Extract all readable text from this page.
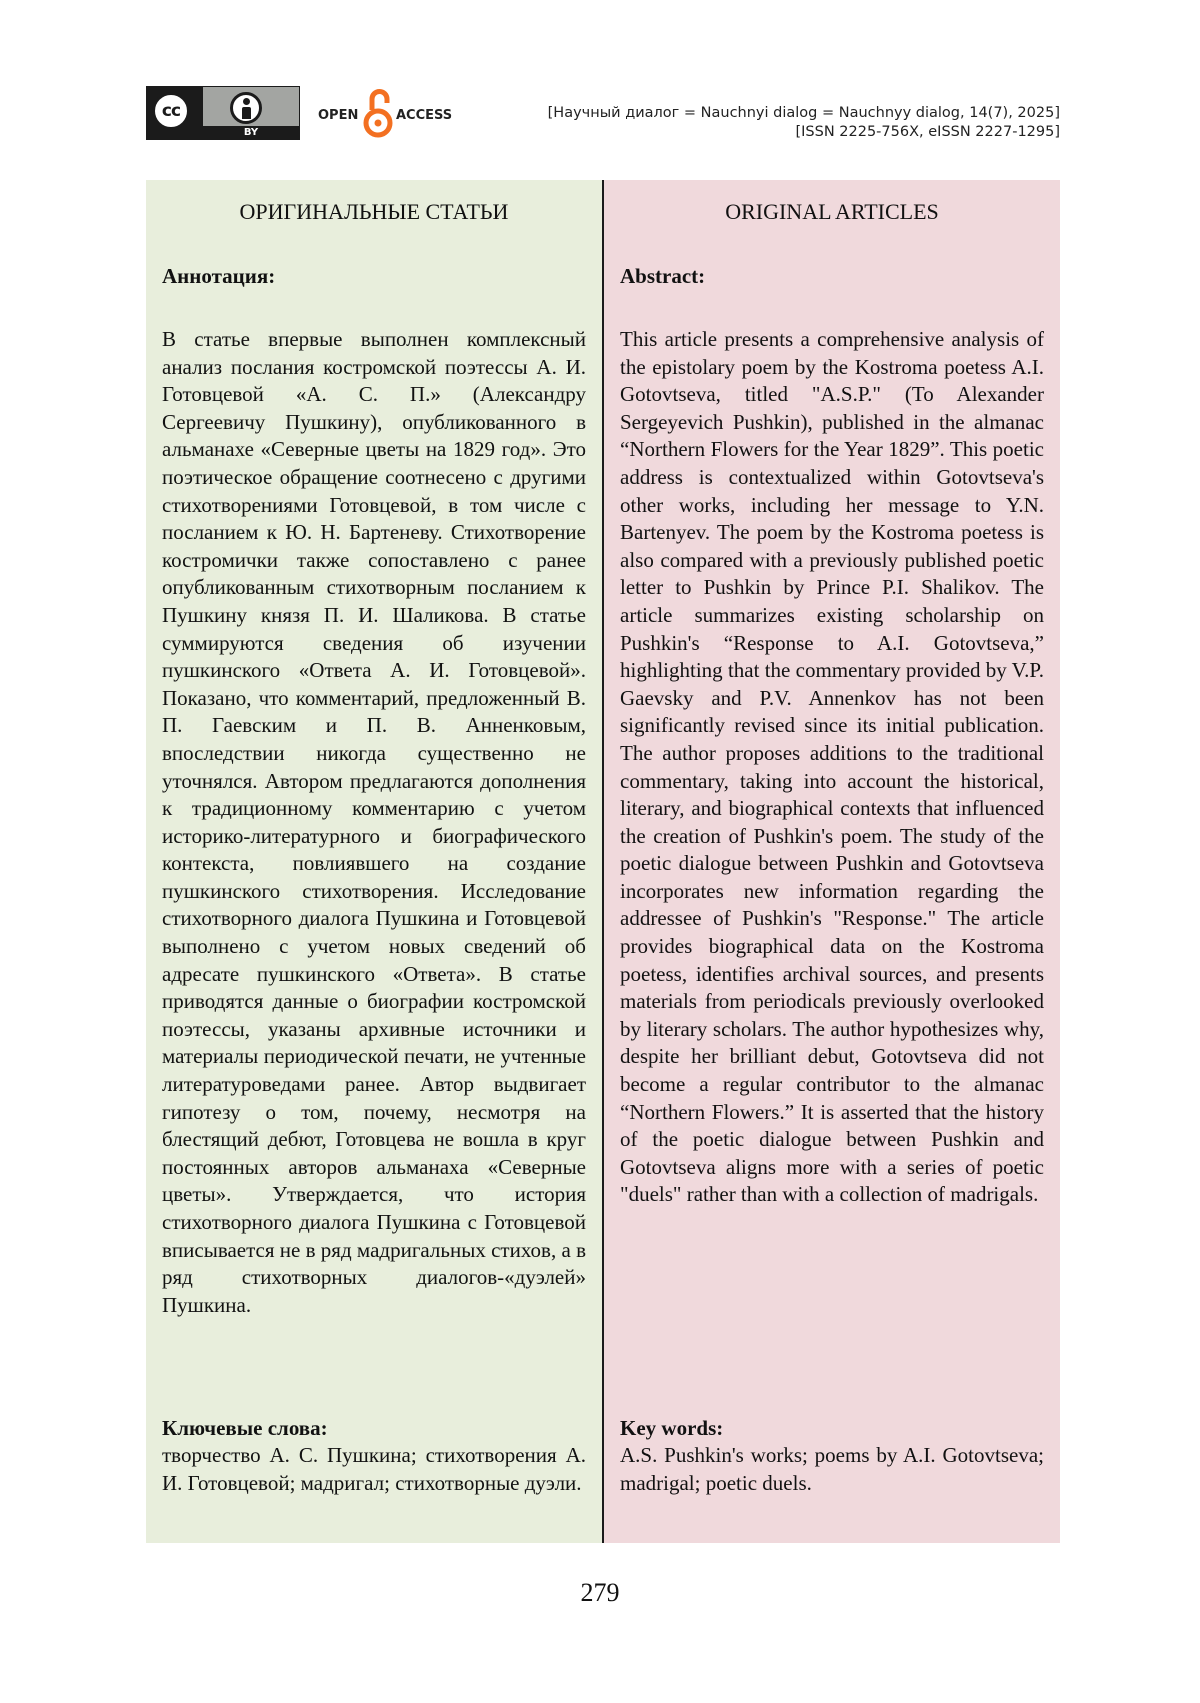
cc
BY
OPEN	ACCESS	[Научный диалог = Nauchnyi dialog = Nauchnyy dialog, 14(7), 2025]
[ISSN 2225-756X, eISSN 2227-1295]
ОРИГИНАЛЬНЫЕ СТАТЬИ
Аннотация:
В статье впервые выполнен комплексный анализ послания костромской поэтессы А. И. Готовцевой «А. С. П.» (Александру Сергеевичу Пушкину), опубликованного в альманахе «Северные цветы на 1829 год». Это поэтическое обращение соотнесено с другими стихотворениями Готовцевой, в том числе с посланием к Ю. Н. Бартеневу. Стихотворение костромички также сопоставлено с ранее опубликованным стихотворным посланием к Пушкину князя П. И. Шаликова. В статье суммируются сведения об изучении пушкинского «Ответа А. И. Готовцевой». Показано, что комментарий, предложенный В. П. Гаевским и П. В. Анненковым, впоследствии никогда существенно не уточнялся. Автором предлагаются дополнения к традиционному комментарию с учетом историко-литературного и биографического контекста, повлиявшего на создание пушкинского стихотворения. Исследование стихотворного диалога Пушкина и Готовцевой выполнено с учетом новых сведений об адресате пушкинского «Ответа». В статье приводятся данные о биографии костромской поэтессы, указаны архивные источники и материалы периодической печати, не учтенные литературоведами ранее. Автор выдвигает гипотезу о том, почему, несмотря на блестящий дебют, Готовцева не вошла в круг постоянных авторов альманаха «Северные цветы». Утверждается, что история стихотворного диалога Пушкина с Готовцевой вписывается не в ряд мадригальных стихов, а в ряд стихотворных диалогов-«дуэлей» Пушкина.
Ключевые слова:
творчество А. С. Пушкина; стихотворения А. И. Готовцевой; мадригал; стихотворные дуэли.
ORIGINAL ARTICLES
Abstract:
This article presents a comprehensive analysis of the epistolary poem by the Kostroma poetess A.I. Gotovtseva, titled "A.S.P." (To Alexander Sergeyevich Pushkin), published in the almanac “Northern Flowers for the Year 1829”. This poetic address is contextualized within Gotovtseva's other works, including her message to Y.N. Bartenyev. The poem by the Kostroma poetess is also compared with a previously published poetic letter to Pushkin by Prince P.I. Shalikov. The article summarizes existing scholarship on Pushkin's “Response to A.I. Gotovtseva,” highlighting that the commentary provided by V.P. Gaevsky and P.V. Annenkov has not been significantly revised since its initial publication. The author proposes additions to the traditional commentary, taking into account the historical, literary, and biographical contexts that influenced the creation of Pushkin's poem. The study of the poetic dialogue between Pushkin and Gotovtseva incorporates new information regarding the addressee of Pushkin's "Response." The article provides biographical data on the Kostroma poetess, identifies archival sources, and presents materials from periodicals previously overlooked by literary scholars. The author hypothesizes why, despite her brilliant debut, Gotovtseva did not become a regular contributor to the almanac “Northern Flowers.” It is asserted that the history of the poetic dialogue between Pushkin and Gotovtseva aligns more with a series of poetic "duels" rather than with a collection of madrigals.
Key words:
A.S. Pushkin's works; poems by A.I. Gotovtseva; madrigal; poetic duels.
279
